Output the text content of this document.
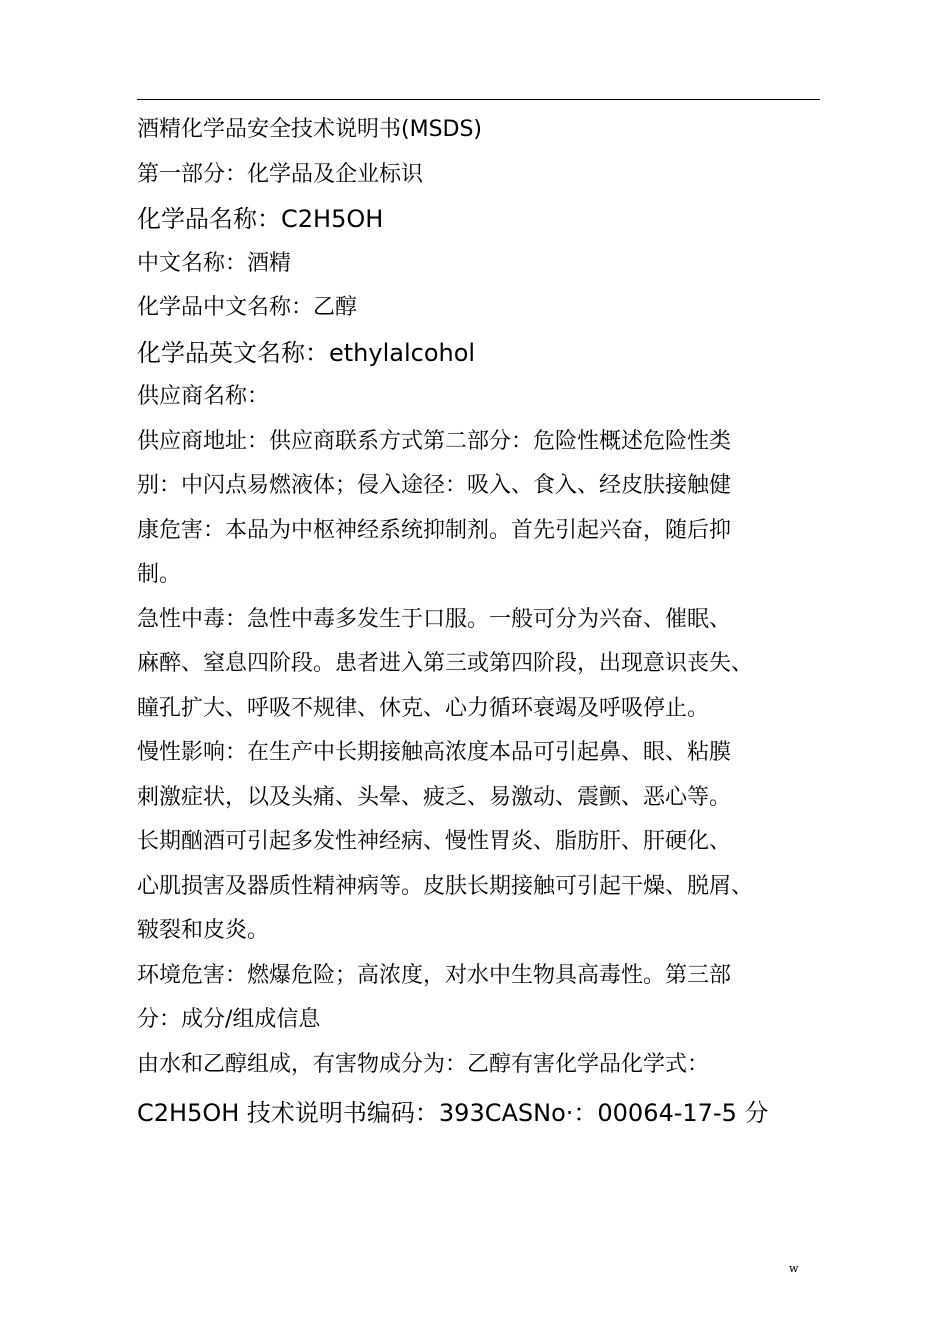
酒精化学品安全技术说明书(MSDS)

第一部分：化学品及企业标识

化学品名称：C2H5OH

中文名称：酒精

化学品中文名称：乙醇

化学品英文名称：ethylalcohol

供应商名称：

供应商地址：供应商联系方式第二部分：危险性概述危险性类

别：中闪点易燃液体；侵入途径：吸入、食入、经皮肤接触健

康危害：本品为中枢神经系统抑制剂。首先引起兴奋，随后抑

制。

急性中毒：急性中毒多发生于口服。一般可分为兴奋、催眠、

麻醉、窒息四阶段。患者进入第三或第四阶段，出现意识丧失、

瞳孔扩大、呼吸不规律、休克、心力循环衰竭及呼吸停止。

慢性影响：在生产中长期接触高浓度本品可引起鼻、眼、粘膜

刺激症状，以及头痛、头晕、疲乏、易激动、震颤、恶心等。

长期酗酒可引起多发性神经病、慢性胃炎、脂肪肝、肝硬化、

心肌损害及器质性精神病等。皮肤长期接触可引起干燥、脱屑、

皲裂和皮炎。

环境危害：燃爆危险；高浓度，对水中生物具高毒性。第三部

分：成分/组成信息

由水和乙醇组成，有害物成分为：乙醇有害化学品化学式：

C2H5OH 技术说明书编码：393CASNo·：00064-17-5 分

w
